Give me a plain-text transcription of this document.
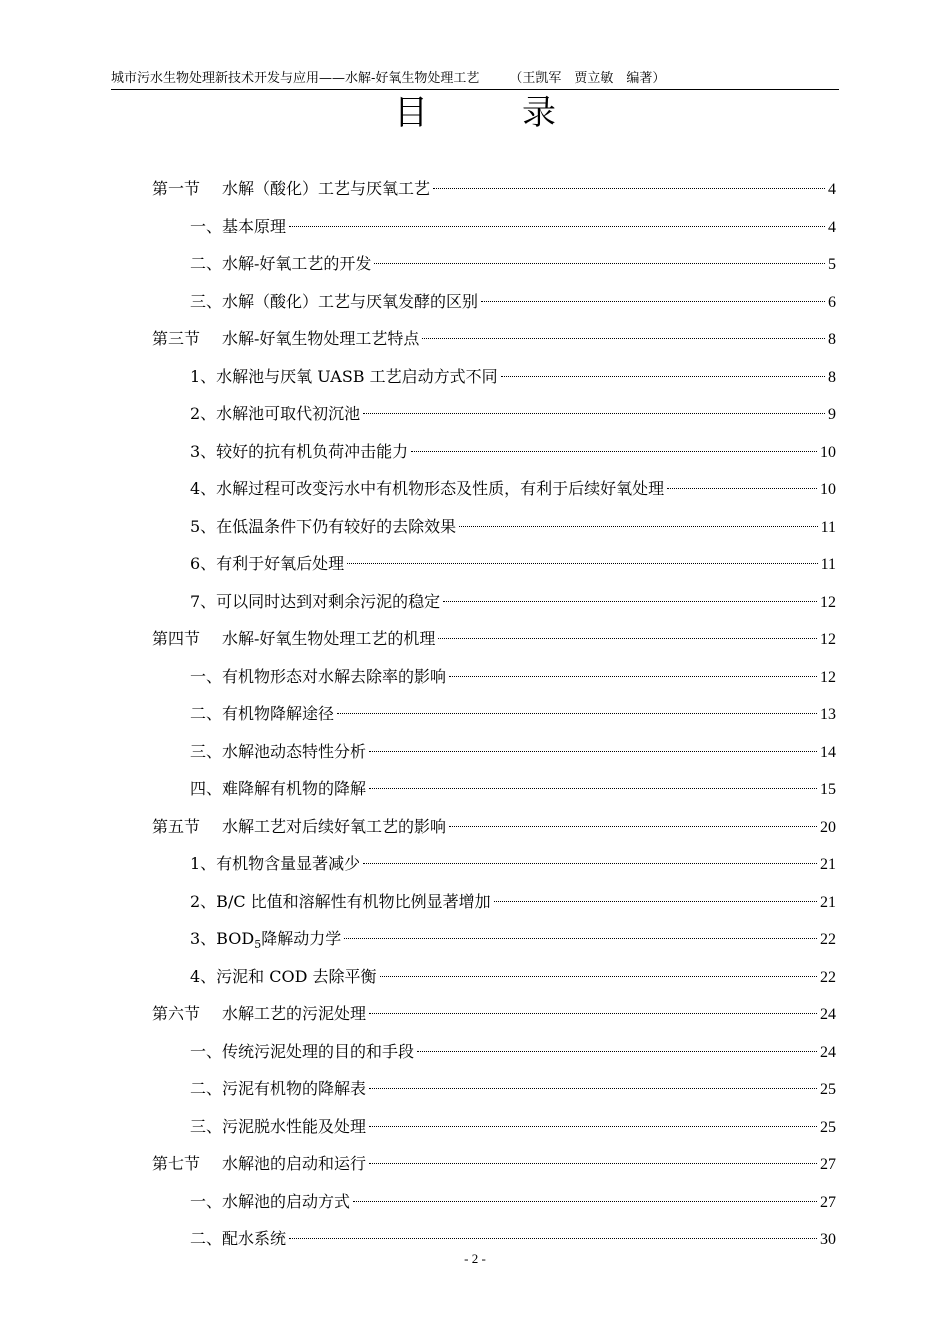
城市污水生物处理新技术开发与应用——水解-好氧生物处理工艺 （王凯军　贾立敏　编著）
目　录
第一节 水解（酸化）工艺与厌氧工艺	4
一、基本原理	4
二、水解-好氧工艺的开发	5
三、水解（酸化）工艺与厌氧发酵的区别	6
第三节 水解-好氧生物处理工艺特点	8
1、水解池与厌氧 UASB 工艺启动方式不同	8
2、水解池可取代初沉池	9
3、较好的抗有机负荷冲击能力	10
4、水解过程可改变污水中有机物形态及性质，有利于后续好氧处理	10
5、在低温条件下仍有较好的去除效果	11
6、有利于好氧后处理	11
7、可以同时达到对剩余污泥的稳定	12
第四节 水解-好氧生物处理工艺的机理	12
一、有机物形态对水解去除率的影响	12
二、有机物降解途径	13
三、水解池动态特性分析	14
四、难降解有机物的降解	15
第五节 水解工艺对后续好氧工艺的影响	20
1、有机物含量显著减少	21
2、B/C 比值和溶解性有机物比例显著增加	21
3、$BOD_5$降解动力学	22
4、污泥和 COD 去除平衡	22
第六节 水解工艺的污泥处理	24
一、传统污泥处理的目的和手段	24
二、污泥有机物的降解表	25
三、污泥脱水性能及处理	25
第七节 水解池的启动和运行	27
一、水解池的启动方式	27
二、配水系统	30
- 2 -
